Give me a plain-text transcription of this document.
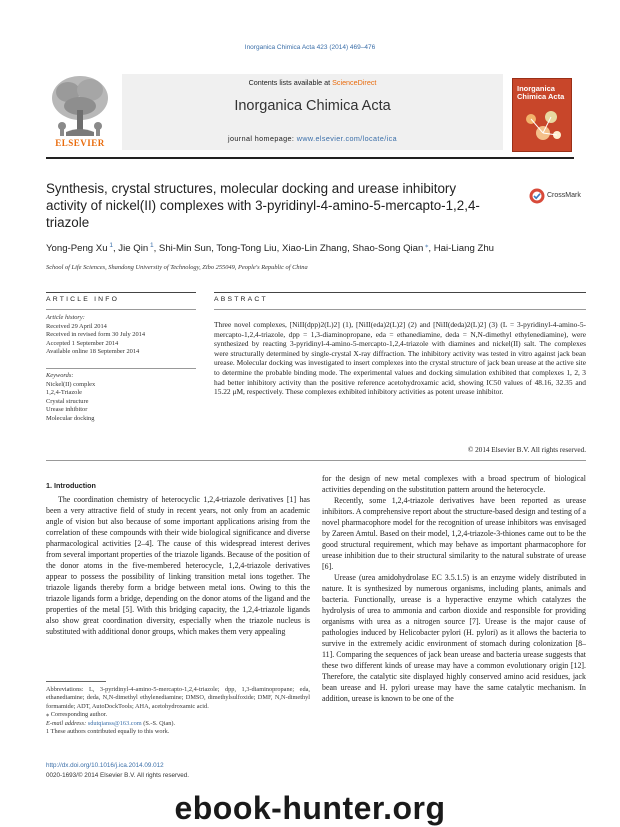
Inorganica Chimica Acta 423 (2014) 469–476
Contents lists available at ScienceDirect
Inorganica Chimica Acta
journal homepage: www.elsevier.com/locate/ica
ELSEVIER
Inorganica Chimica Acta
Synthesis, crystal structures, molecular docking and urease inhibitory activity of nickel(II) complexes with 3-pyridinyl-4-amino-5-mercapto-1,2,4-triazole
CrossMark
Yong-Peng Xu $^1$, Jie Qin $^1$, Shi-Min Sun, Tong-Tong Liu, Xiao-Lin Zhang, Shao-Song Qian ⁎, Hai-Liang Zhu
School of Life Sciences, Shandong University of Technology, Zibo 255049, People's Republic of China
ARTICLE INFO
Article history:
Received 29 April 2014
Received in revised form 30 July 2014
Accepted 1 September 2014
Available online 18 September 2014
Keywords:
Nickel(II) complex
1,2,4-Triazole
Crystal structure
Urease inhibitor
Molecular docking
ABSTRACT
Three novel complexes, [NiII(dpp)2(L)2] (1), [NiII(eda)2(L)2] (2) and [NiII(deda)2(L)2] (3) (L = 3-pyridinyl-4-amino-5-mercapto-1,2,4-triazole, dpp = 1,3-diaminopropane, eda = ethanediamine, deda = N,N-dimethyl ethylenediamine), were synthesized by reacting 3-pyridinyl-4-amino-5-mercapto-1,2,4-triazole with diamines and nickel(II) salt. The complexes were structurally determined by single-crystal X-ray diffraction. The inhibitory activity was tested in vitro against jack bean urease. Molecular docking was investigated to insert complexes into the crystal structure of jack bean urease at the active site to determine the probable binding mode. The experimental values and docking simulation exhibited that complexes 1, 2, 3 had better inhibitory activity than the positive reference acetohydroxamic acid, showing IC50 values of 48.16, 32.35 and 15.22 μM, respectively. These complexes exhibited inhibitory activities as potent urease inhibitor.
© 2014 Elsevier B.V. All rights reserved.
1. Introduction

The coordination chemistry of heterocyclic 1,2,4-triazole derivatives [1] has been a very attractive field of study in recent years, not only from an academic angle of vision but also because of some important applications arising from the correlation of these compounds with their wide biological significance and diverse pharmacological activities [2–4]. The cause of this widespread interest derives from several important properties of the triazole ligands. Because of the position of the donor atoms in the five-membered heterocycle, 1,2,4-triazole derivatives appear to possess the possibility of linking transition metal ions together. The triazole ligands thereby form a bridge between metal ions. Owing to this the triazole ligands form a bridge, depending on the donor atoms of the ligand and the properties of the metal [5]. With this bridging capacity, the 1,2,4-triazole ligands also show great coordination diversity, especially when the triazole nucleus is substituted with additional donor groups, which makes them very appealing

for the design of new metal complexes with a broad spectrum of biological activities depending on the substitution pattern around the heterocycle.

Recently, some 1,2,4-triazole derivatives have been reported as urease inhibitors. A comprehensive report about the structure-based design and testing of a novel pharmacophore model for the recognition of urease inhibitors was envisaged by Zareen Amtul. Based on their model, 1,2,4-triazole-3-thiones came out to be the good structural requirement, which may behave as important pharmacophore for urease inhibition due to their structural similarity to the natural substrate of urease [6].

Urease (urea amidohydrolase EC 3.5.1.5) is an enzyme widely distributed in nature. It is synthesized by numerous organisms, including plants, animals and bacteria. Functionally, urease is a hyperactive enzyme which catalyzes the hydrolysis of urea to ammonia and carbon dioxide and responsible for providing organisms with urea as a nitrogen source [7]. Urease is the major cause of pathologies induced by Helicobacter pylori (H. pylori) as it allows the bacteria to survive in the extremely acidic environment of stomach during colonization [8–11]. Comparing the sequences of jack bean urease and bacteria urease suggests that these two different kinds of urease may have a common evolutionary origin [12]. Therefore, the catalytic site displayed highly conserved amino acid residues, jack bean urease and H. pylori urease may have the same catalytic mechanism. In addition, urease is known to be one of the

Abbreviations: L, 3-pyridinyl-4-amino-5-mercapto-1,2,4-triazole; dpp, 1,3-diaminopropane; eda, ethanediamine; deda, N,N-dimethyl ethylenediamine; DMSO, dimethylsulfoxide; DMF, N,N-dimethyl formamide; ADT, AutoDockTools; AHA, acetohydroxamic acid.
⁎ Corresponding author.
E-mail address: sdutqianss@163.com (S.-S. Qian).
1 These authors contributed equally to this work.
http://dx.doi.org/10.1016/j.ica.2014.09.012
0020-1693/© 2014 Elsevier B.V. All rights reserved.
ebook-hunter.org
